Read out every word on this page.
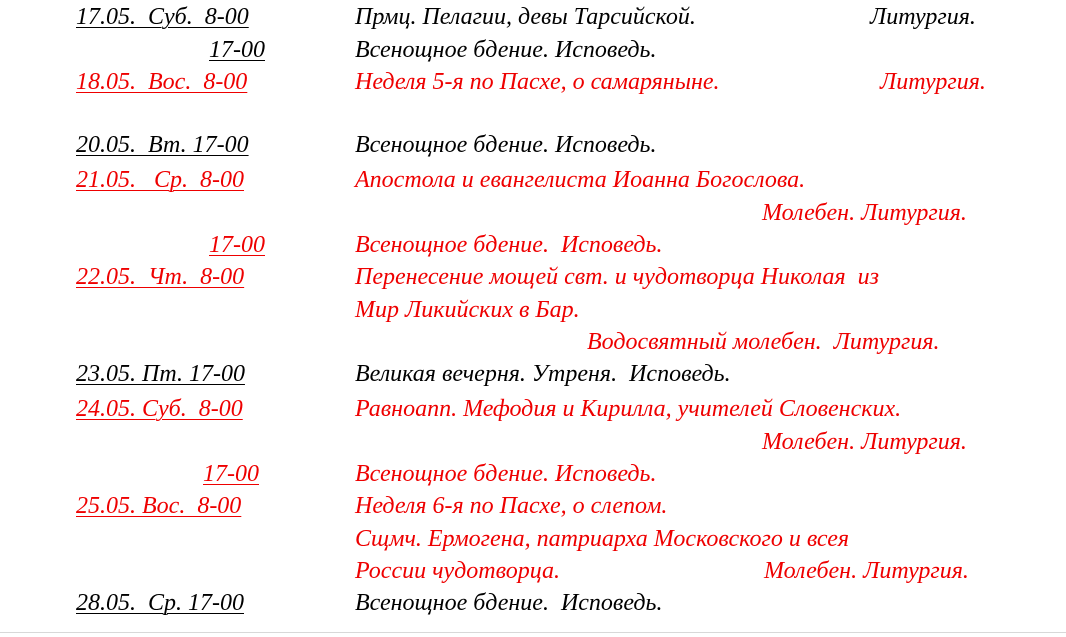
17.05.  Суб.  8-00	Прмц. Пелагии, девы Тарсийской.	Литургия.
17-00	Всенощное бдение. Исповедь.
18.05.  Вос.  8-00	Неделя 5-я по Пасхе, о самаряныне.	Литургия.
20.05.  Вт. 17-00	Всенощное бдение. Исповедь.
21.05.   Ср.  8-00	Апостола и евангелиста Иоанна Богослова.
Молебен. Литургия.
17-00	Всенощное бдение.  Исповедь.
22.05.  Чт.  8-00	Перенесение мощей свт. и чудотворца Николая  из
Мир Ликийских в Бар.
Водосвятный молебен.  Литургия.
23.05. Пт. 17-00	Великая вечерня. Утреня.  Исповедь.
24.05. Суб.  8-00	Равноапп. Мефодия и Кирилла, учителей Словенских.
Молебен. Литургия.
17-00	Всенощное бдение. Исповедь.
25.05. Вос.  8-00	Неделя 6-я по Пасхе, о слепом.
Сщмч. Ермогена, патриарха Московского и всея
России чудотворца.	Молебен. Литургия.
28.05.  Ср. 17-00	Всенощное бдение.  Исповедь.
